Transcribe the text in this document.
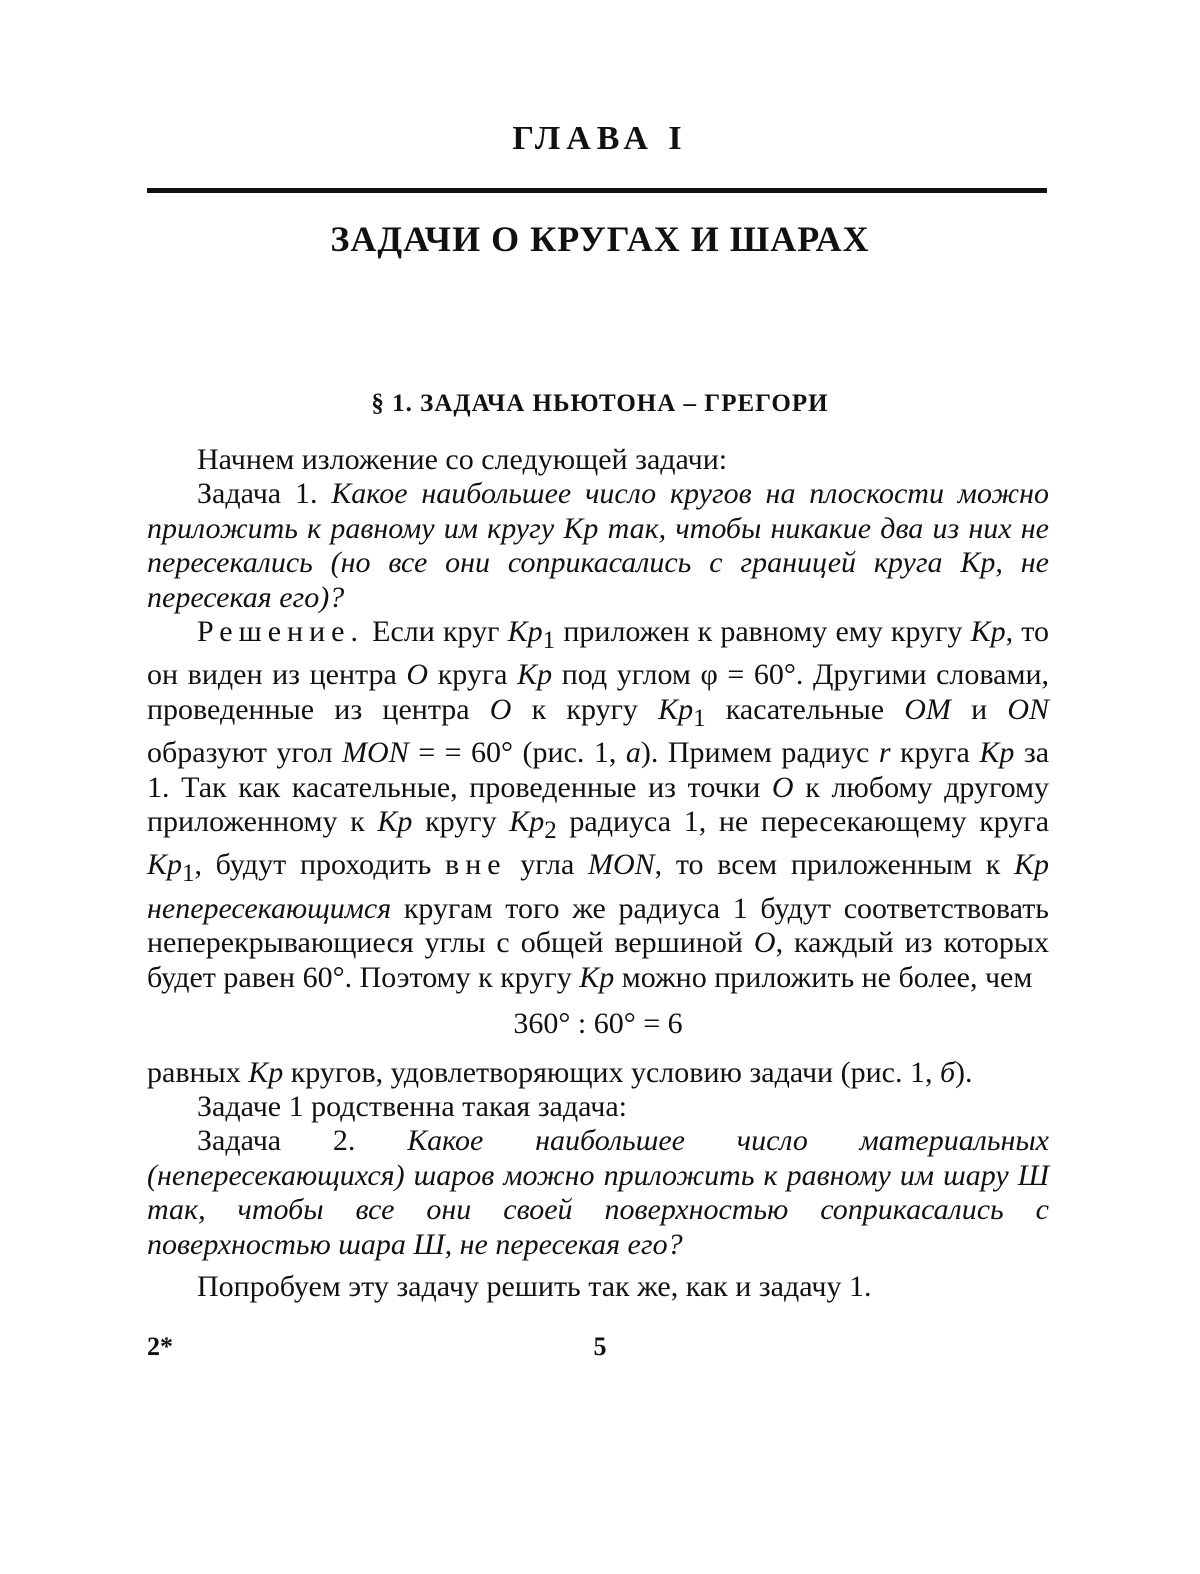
ГЛАВА I
ЗАДАЧИ О КРУГАХ И ШАРАХ
§ 1. ЗАДАЧА НЬЮТОНА – ГРЕГОРИ

Начнем изложение со следующей задачи:

Задача 1. Какое наибольшее число кругов на плоскости можно приложить к равному им кругу Kp так, чтобы никакие два из них не пересекались (но все они соприкасались с границей круга Kp, не пересекая его)?

Решение. Если круг Kp1 приложен к равному ему кругу Kp, то он виден из центра O круга Kp под углом φ = 60°. Другими словами, проведенные из центра O к кругу Kp1 касательные OM и ON образуют угол MON = = 60° (рис. 1, а). Примем радиус r круга Kp за 1. Так как касательные, проведенные из точки O к любому другому приложенному к Kp кругу Kp2 радиуса 1, не пересекающему круга Kp1, будут проходить вне угла MON, то всем приложенным к Kp непересекающимся кругам того же радиуса 1 будут соответствовать неперекрывающиеся углы с общей вершиной O, каждый из которых будет равен 60°. Поэтому к кругу Kp можно приложить не более, чем

360° : 60° = 6

равных Kp кругов, удовлетворяющих условию задачи (рис. 1, б).

Задаче 1 родственна такая задача:

Задача 2. Какое наибольшее число материальных (непересекающихся) шаров можно приложить к равному им шару Ш так, чтобы все они своей поверхностью соприкасались с поверхностью шара Ш, не пересекая его?

Попробуем эту задачу решить так же, как и задачу 1.

2*	5
